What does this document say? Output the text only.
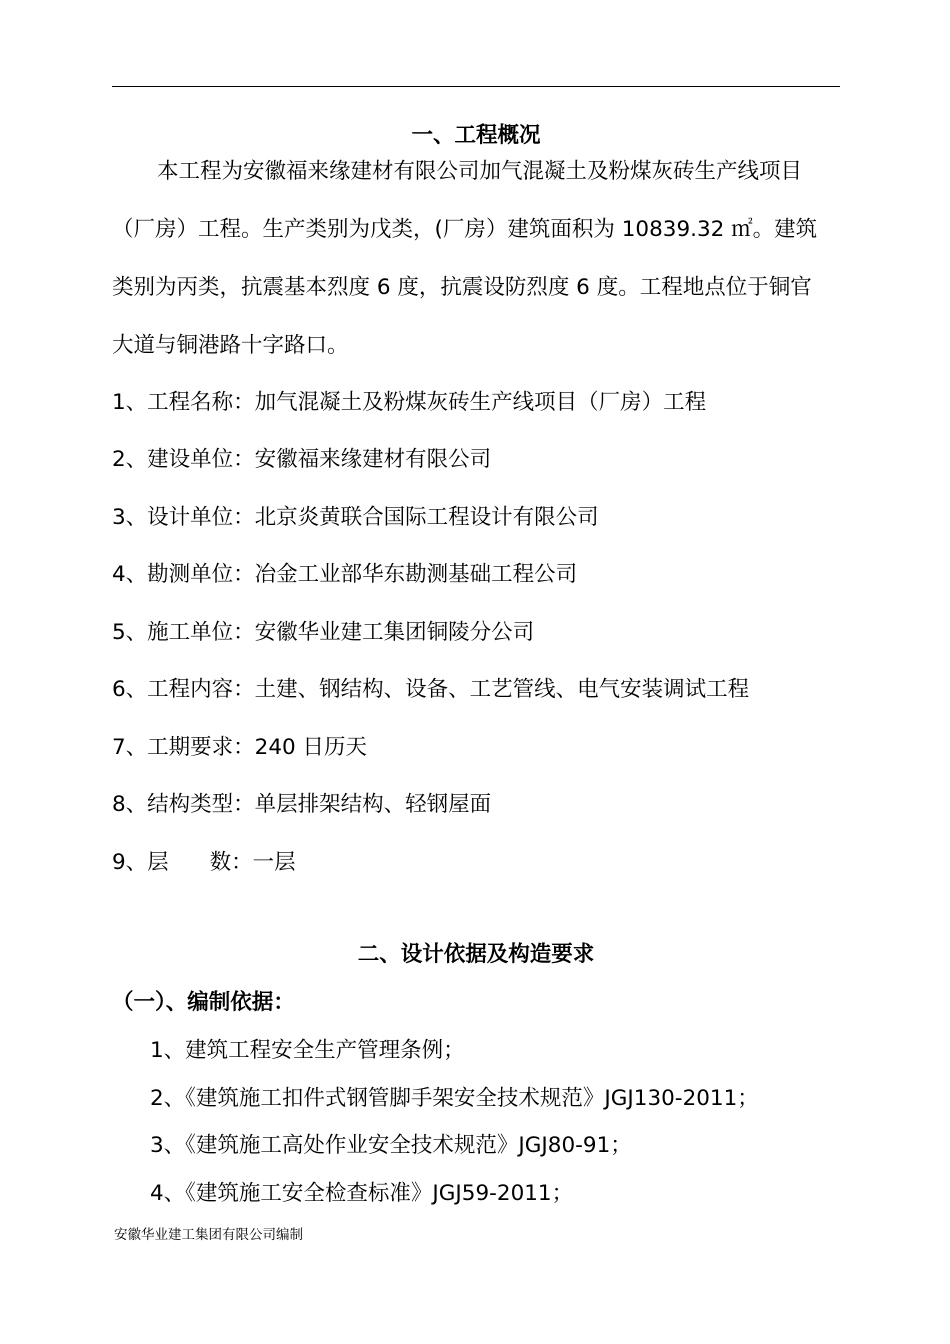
一、工程概况
本工程为安徽福来缘建材有限公司加气混凝土及粉煤灰砖生产线项目
（厂房）工程。生产类别为戊类，(厂房）建筑面积为 10839.32 ㎡。建筑
类别为丙类，抗震基本烈度 6 度，抗震设防烈度 6 度。工程地点位于铜官
大道与铜港路十字路口。
1、工程名称：加气混凝土及粉煤灰砖生产线项目（厂房）工程
2、建设单位：安徽福来缘建材有限公司
3、设计单位：北京炎黄联合国际工程设计有限公司
4、勘测单位：冶金工业部华东勘测基础工程公司
5、施工单位：安徽华业建工集团铜陵分公司
6、工程内容：土建、钢结构、设备、工艺管线、电气安装调试工程
7、工期要求：240 日历天
8、结构类型：单层排架结构、轻钢屋面
9、层      数：一层
二、设计依据及构造要求
（一）、编制依据：
1、建筑工程安全生产管理条例；
2、《建筑施工扣件式钢管脚手架安全技术规范》JGJ130-2011；
3、《建筑施工高处作业安全技术规范》JGJ80-91；
4、《建筑施工安全检查标准》JGJ59-2011；
安徽华业建工集团有限公司编制
